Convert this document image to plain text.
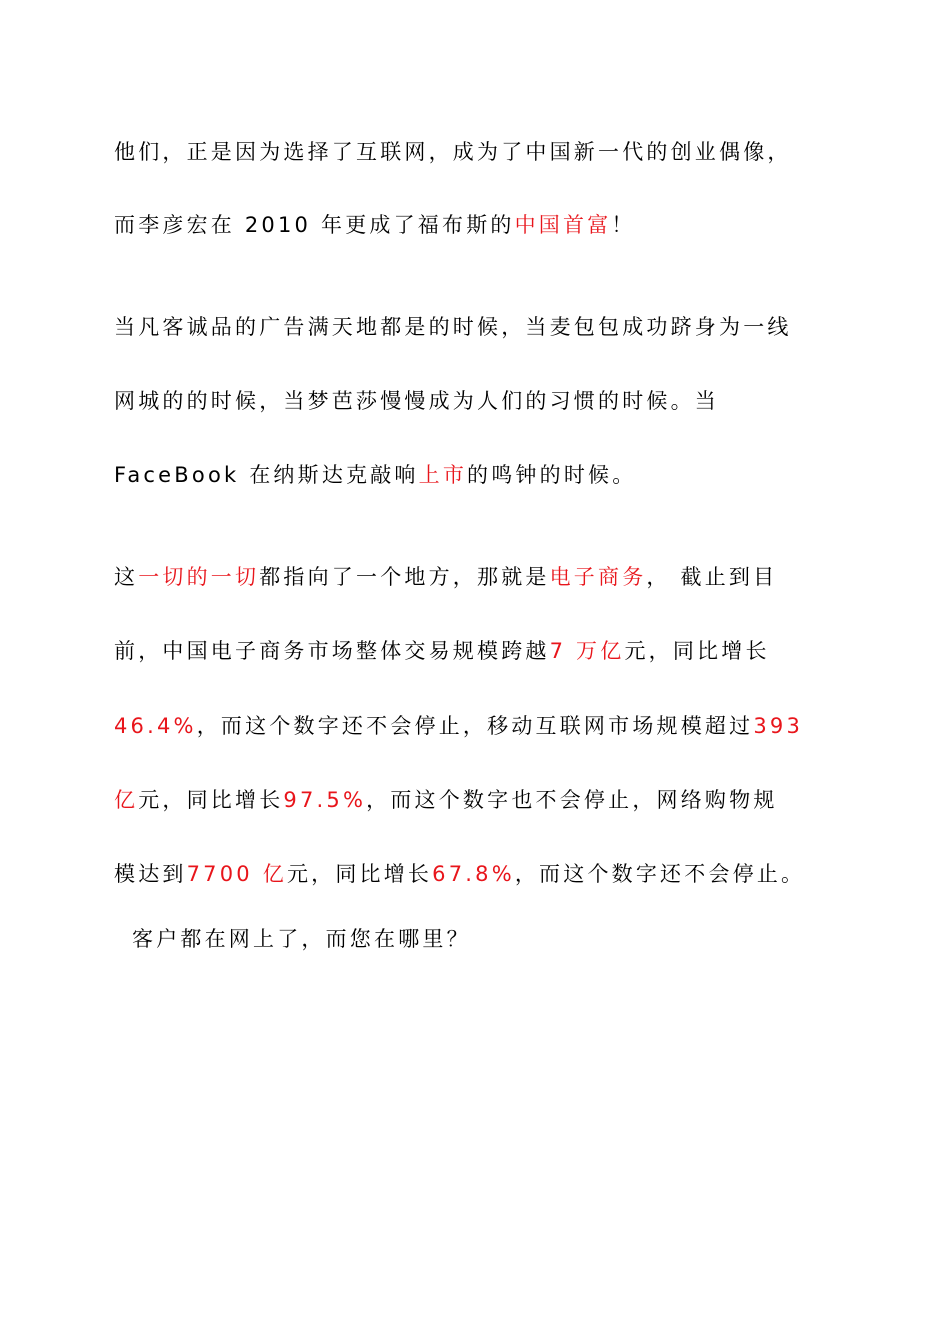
他们，正是因为选择了互联网，成为了中国新一代的创业偶像，
而李彦宏在 2010 年更成了福布斯的中国首富！
当凡客诚品的广告满天地都是的时候，当麦包包成功跻身为一线
网城的的时候，当梦芭莎慢慢成为人们的习惯的时候。当
FaceBook 在纳斯达克敲响上市的鸣钟的时候。
这一切的一切都指向了一个地方，那就是电子商务， 截止到目
前，中国电子商务市场整体交易规模跨越7 万亿元，同比增长
46.4%，而这个数字还不会停止，移动互联网市场规模超过393
亿元，同比增长97.5%，而这个数字也不会停止，网络购物规
模达到7700 亿元，同比增长67.8%，而这个数字还不会停止。
客户都在网上了，而您在哪里？
